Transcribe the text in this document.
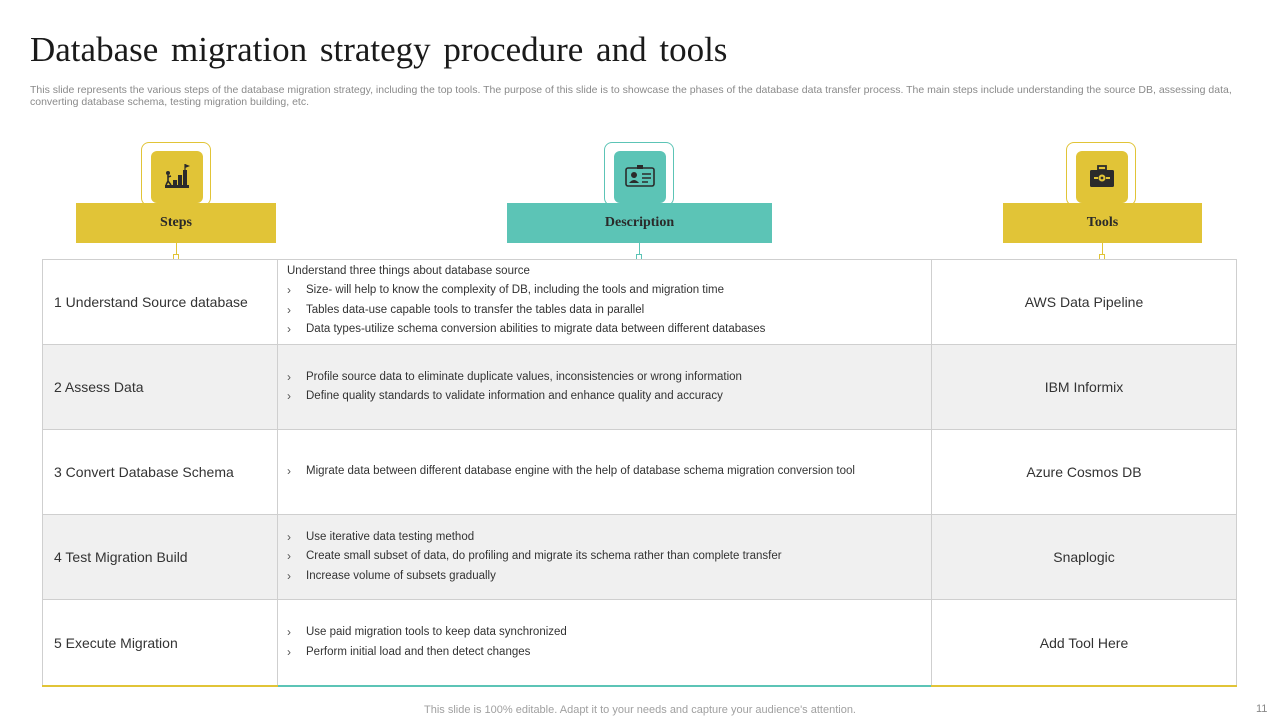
Database migration strategy procedure and tools

This slide represents the various steps of the database migration strategy, including the top tools. The purpose of this slide is to showcase the phases of the database data transfer process. The main steps include understanding the source DB, assessing data, converting database schema, testing migration building, etc.

Steps	Description	Tools
1 Understand Source database

Understand three things about database source

› Size- will help to know the complexity of DB, including the tools and migration time

› Tables data-use capable tools to transfer the tables data in parallel

› Data types-utilize schema conversion abilities to migrate data between different databases

AWS Data Pipeline
2 Assess Data

› Profile source data to eliminate duplicate values, inconsistencies or wrong information

› Define quality standards to validate information and enhance quality and accuracy

IBM Informix
3 Convert Database Schema

›	Migrate data between different database engine with the help of database schema migration conversion tool	Azure Cosmos DB
4 Test Migration Build

› Use iterative data testing method

› Create small subset of data, do profiling and migrate its schema rather than complete transfer

› Increase volume of subsets gradually

Snaplogic
5 Execute Migration

› Use paid migration tools to keep data synchronized

› Perform initial load and then detect changes

Add Tool Here
This slide is 100% editable. Adapt it to your needs and capture your audience's attention.	11
